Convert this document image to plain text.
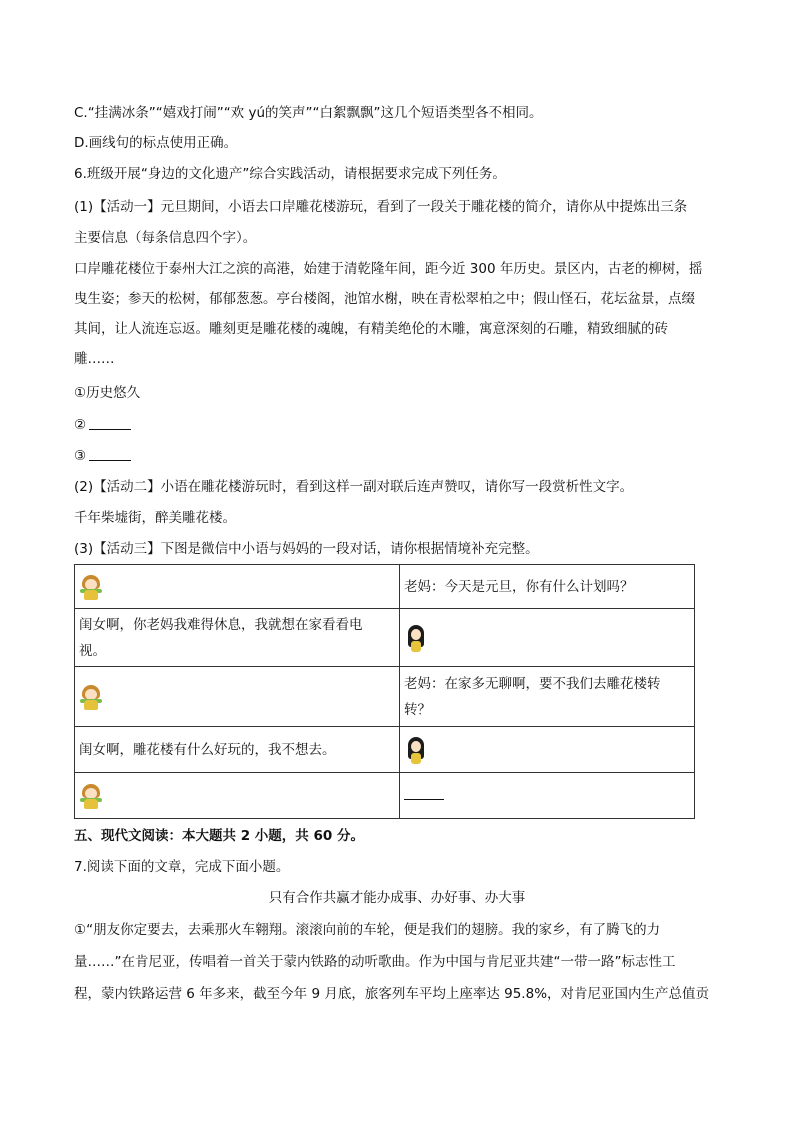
C.“挂满冰条”“嬉戏打闹”“欢 yú的笑声”“白絮飘飘”这几个短语类型各不相同。
D.画线句的标点使用正确。
6.班级开展“身边的文化遗产”综合实践活动，请根据要求完成下列任务。
(1)【活动一】元旦期间，小语去口岸雕花楼游玩，看到了一段关于雕花楼的简介，请你从中提炼出三条
主要信息（每条信息四个字）。
口岸雕花楼位于泰州大江之滨的高港，始建于清乾隆年间，距今近 300 年历史。景区内，古老的柳树，摇
曳生姿；参天的松树，郁郁葱葱。亭台楼阁，池馆水榭，映在青松翠柏之中；假山怪石，花坛盆景，点缀
其间，让人流连忘返。雕刻更是雕花楼的魂魄，有精美绝伦的木雕，寓意深刻的石雕，精致细腻的砖
雕……
①历史悠久
②
③
(2)【活动二】小语在雕花楼游玩时，看到这样一副对联后连声赞叹，请你写一段赏析性文字。
千年柴墟街，醉美雕花楼。
(3)【活动三】下图是微信中小语与妈妈的一段对话，请你根据情境补充完整。
	老妈：今天是元旦，你有什么计划吗？

闺女啊，你老妈我难得休息，我就想在家看看电
视。	

	老妈：在家多无聊啊，要不我们去雕花楼转
转？

闺女啊，雕花楼有什么好玩的，我不想去。	

五、现代文阅读：本大题共 2 小题，共 60 分。
7.阅读下面的文章，完成下面小题。
只有合作共赢才能办成事、办好事、办大事
①“朋友你定要去，去乘那火车翱翔。滚滚向前的车轮，便是我们的翅膀。我的家乡，有了腾飞的力
量……”在肯尼亚，传唱着一首关于蒙内铁路的动听歌曲。作为中国与肯尼亚共建“一带一路”标志性工
程，蒙内铁路运营 6 年多来，截至今年 9 月底，旅客列车平均上座率达 95.8%，对肯尼亚国内生产总值贡
